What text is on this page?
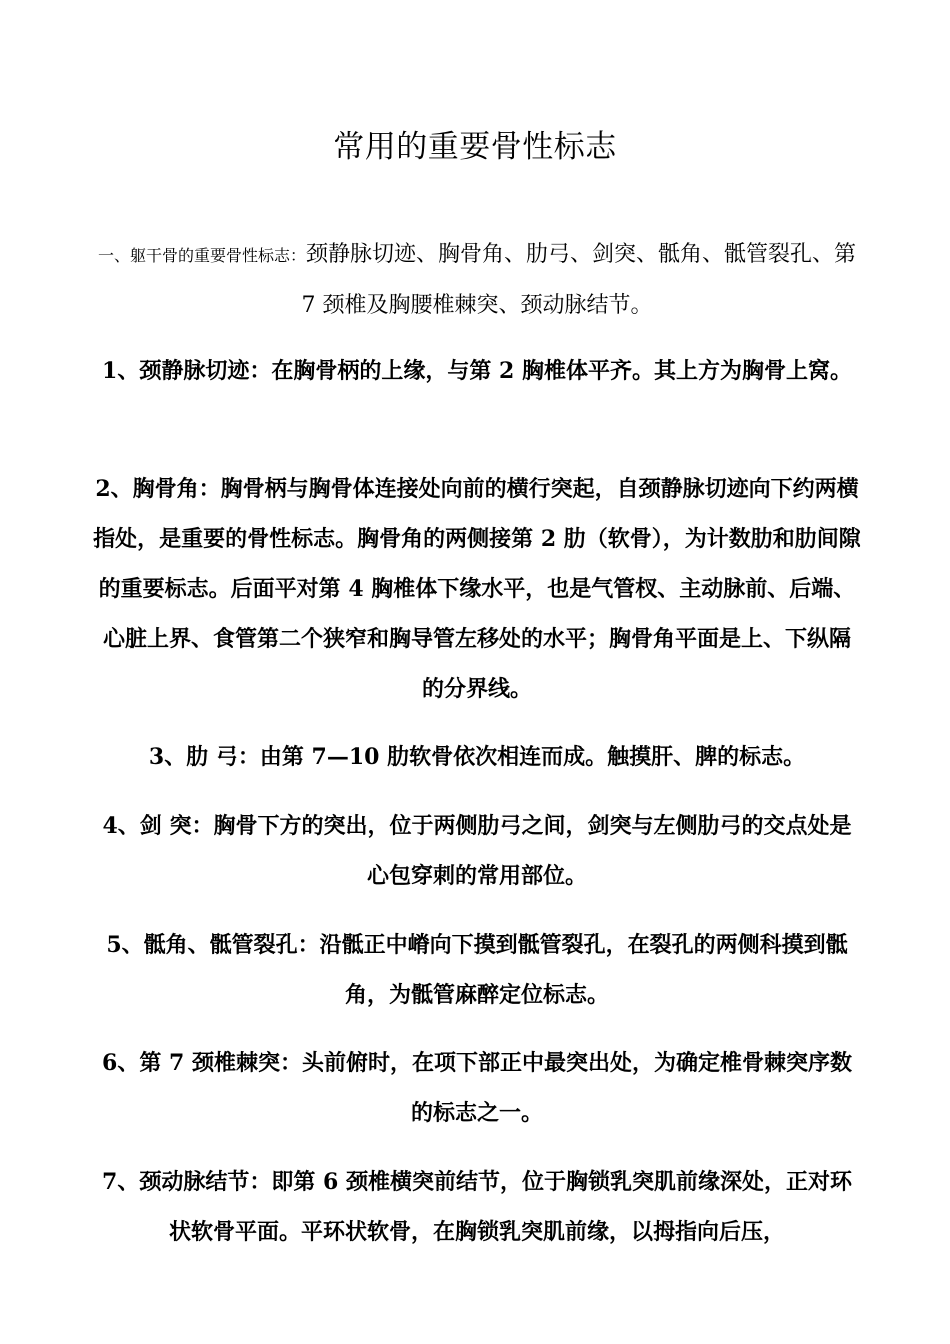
常用的重要骨性标志
一、躯干骨的重要骨性标志：颈静脉切迹、胸骨角、肋弓、剑突、骶角、骶管裂孔、第 7 颈椎及胸腰椎棘突、颈动脉结节。
1、颈静脉切迹：在胸骨柄的上缘，与第 2 胸椎体平齐。其上方为胸骨上窝。
2、胸骨角：胸骨柄与胸骨体连接处向前的横行突起，自颈静脉切迹向下约两横指处，是重要的骨性标志。胸骨角的两侧接第 2 肋（软骨），为计数肋和肋间隙的重要标志。后面平对第 4 胸椎体下缘水平，也是气管杈、主动脉前、后端、心脏上界、食管第二个狭窄和胸导管左移处的水平；胸骨角平面是上、下纵隔的分界线。
3、肋 弓：由第 7—10 肋软骨依次相连而成。触摸肝、脾的标志。
4、剑 突：胸骨下方的突出，位于两侧肋弓之间，剑突与左侧肋弓的交点处是心包穿刺的常用部位。
5、骶角、骶管裂孔：沿骶正中嵴向下摸到骶管裂孔，在裂孔的两侧科摸到骶角，为骶管麻醉定位标志。
6、第 7 颈椎棘突：头前俯时，在项下部正中最突出处，为确定椎骨棘突序数的标志之一。
7、颈动脉结节：即第 6 颈椎横突前结节，位于胸锁乳突肌前缘深处，正对环状软骨平面。平环状软骨，在胸锁乳突肌前缘，以拇指向后压，
